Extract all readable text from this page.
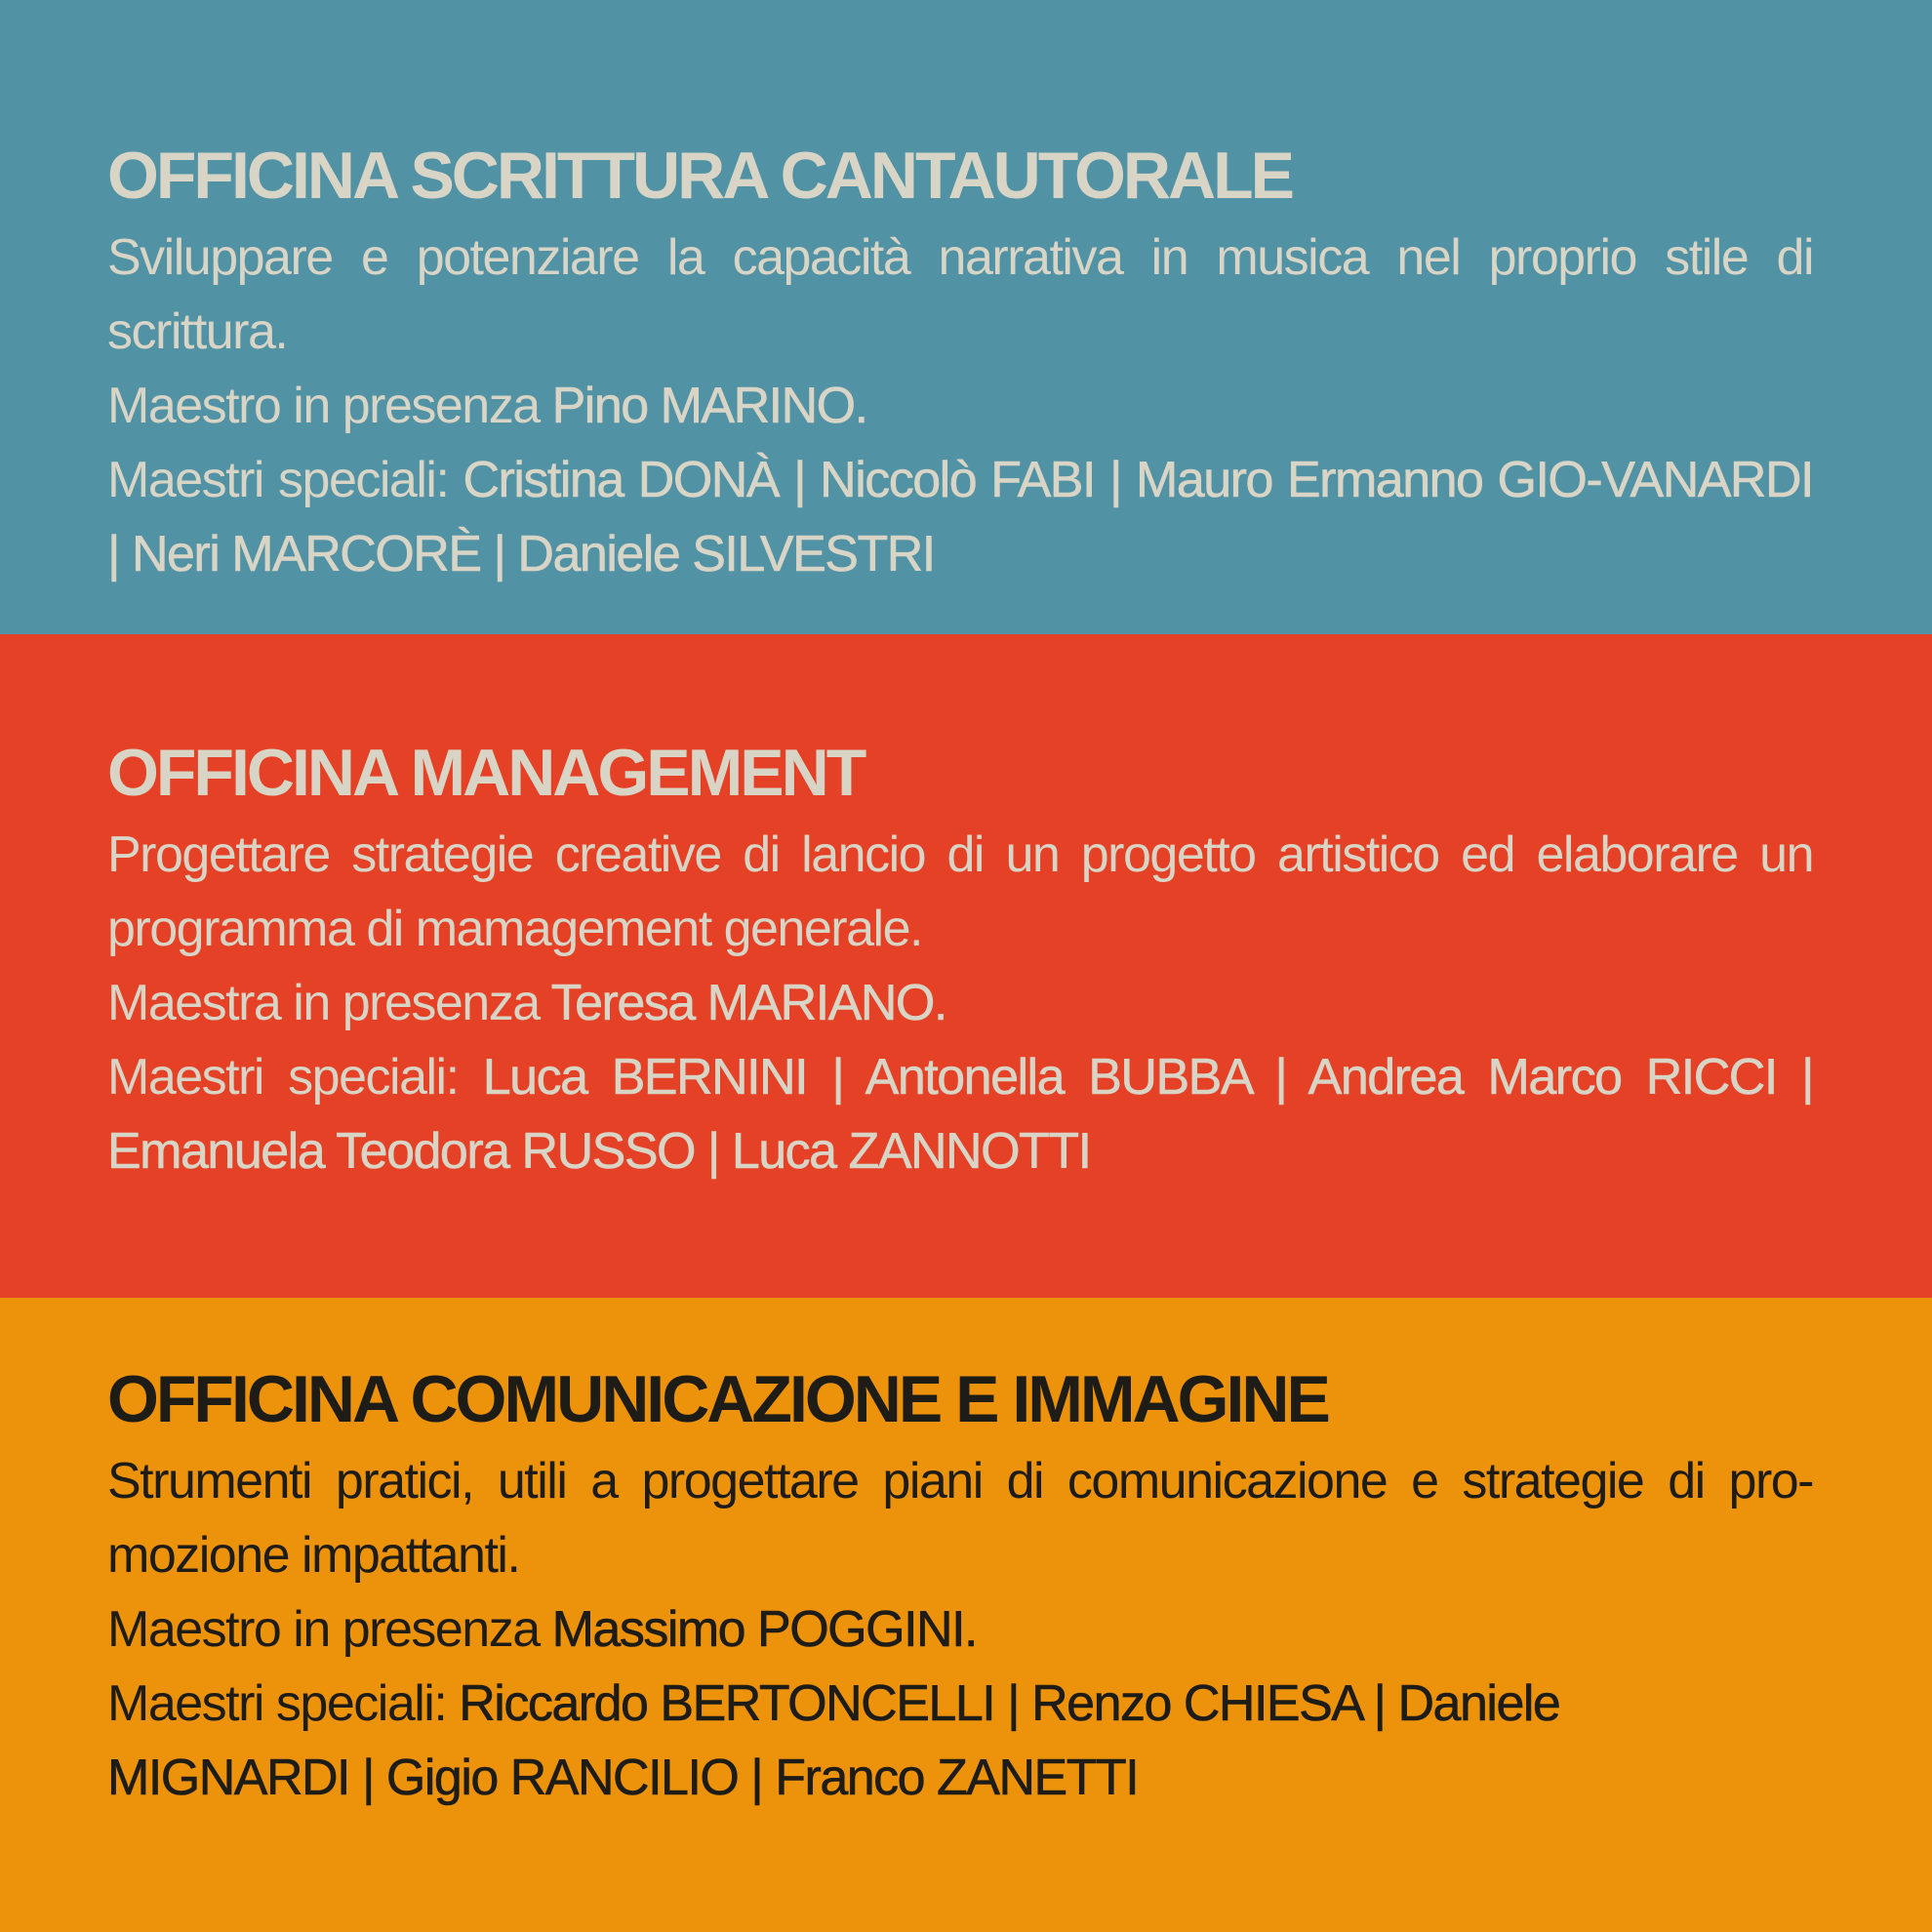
OFFICINA SCRITTURA CANTAUTORALE

Sviluppare e potenziare la capacità narrativa in musica nel proprio stile di scrittura.

Maestro in presenza Pino MARINO.

Maestri speciali: Cristina DONÀ | Niccolò FABI | Mauro Ermanno GIO-VANARDI | Neri MARCORÈ | Daniele SILVESTRI

OFFICINA MANAGEMENT

Progettare strategie creative di lancio di un progetto artistico ed elaborare un programma di mamagement generale.

Maestra in presenza Teresa MARIANO.

Maestri speciali: Luca BERNINI | Antonella BUBBA | Andrea Marco RICCI | Emanuela Teodora RUSSO | Luca ZANNOTTI

OFFICINA COMUNICAZIONE E IMMAGINE

Strumenti pratici, utili a progettare piani di comunicazione e strategie di pro-mozione impattanti.

Maestro in presenza Massimo POGGINI.

Maestri speciali: Riccardo BERTONCELLI | Renzo CHIESA | Daniele MIGNARDI | Gigio RANCILIO | Franco ZANETTI
